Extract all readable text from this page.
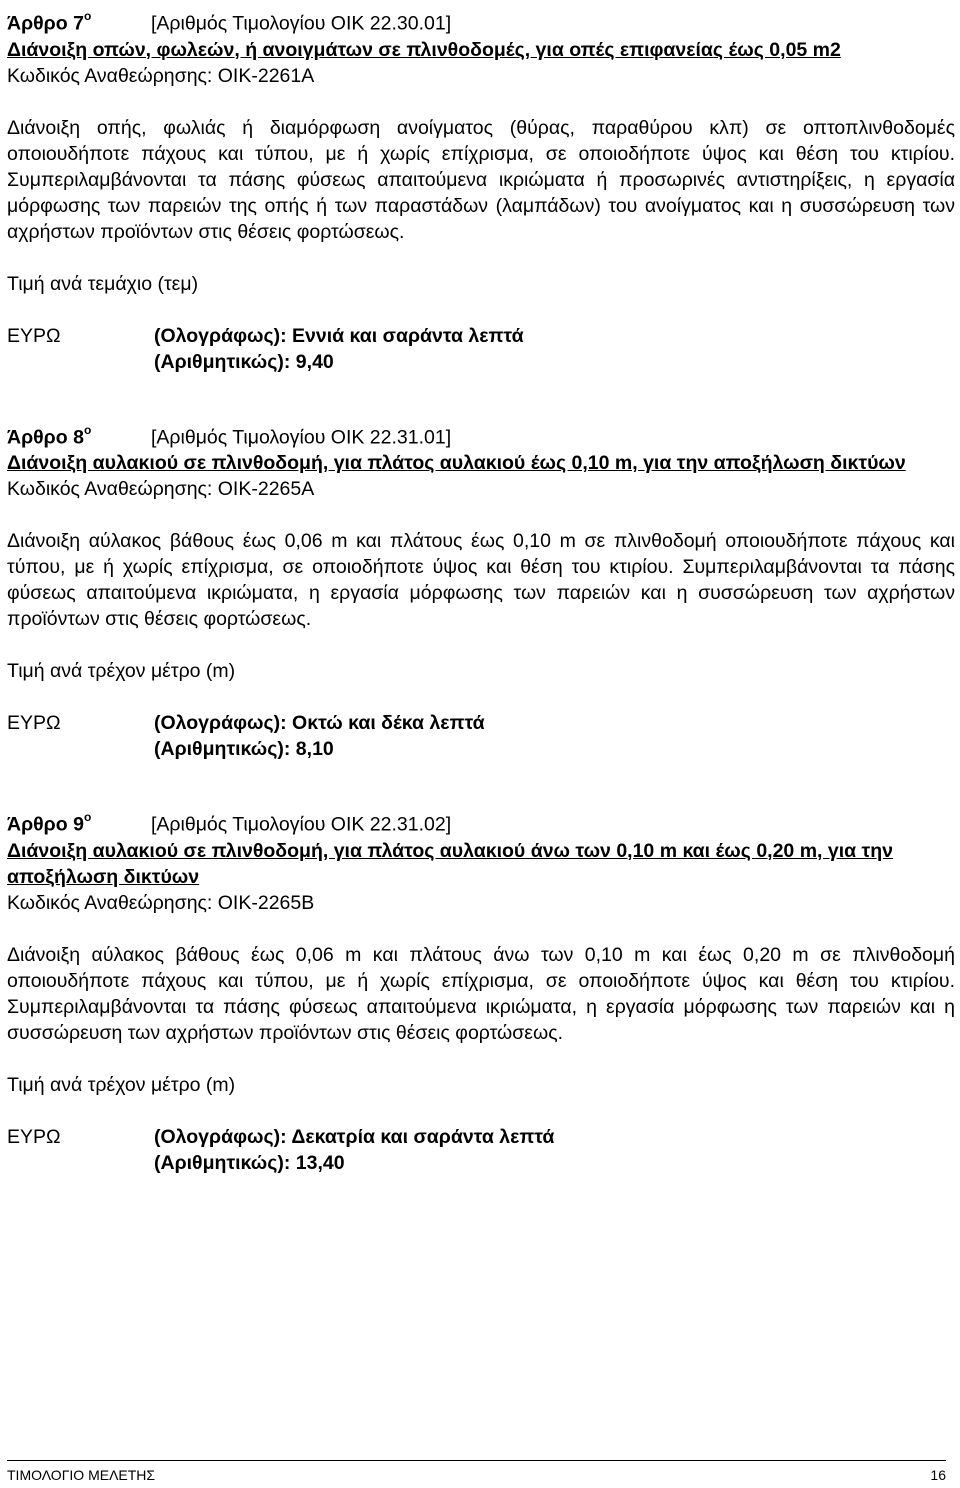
Άρθρο $7^o$	[Αριθμός Τιμολογίου ΟΙΚ 22.30.01]
Διάνοιξη οπών, φωλεών, ή ανοιγμάτων σε πλινθοδομές, για οπές επιφανείας έως 0,05 m2
Κωδικός Αναθεώρησης: ΟΙΚ-2261Α
Διάνοιξη οπής, φωλιάς ή διαμόρφωση ανοίγματος (θύρας, παραθύρου κλπ) σε οπτοπλινθοδομές οποιουδήποτε πάχους και τύπου, με ή χωρίς επίχρισμα, σε οποιοδήποτε ύψος και θέση του κτιρίου. Συμπεριλαμβάνονται τα πάσης φύσεως απαιτούμενα ικριώματα ή προσωρινές αντιστηρίξεις, η εργασία μόρφωσης των παρειών της οπής ή των παραστάδων (λαμπάδων) του ανοίγματος και η συσσώρευση των αχρήστων προϊόντων στις θέσεις φορτώσεως.
Τιμή ανά τεμάχιο (τεμ)
ΕΥΡΩ	(Ολογράφως): Εννιά και σαράντα λεπτά
(Αριθμητικώς): 9,40
Άρθρο $8^o$	[Αριθμός Τιμολογίου ΟΙΚ 22.31.01]
Διάνοιξη αυλακιού σε πλινθοδομή, για πλάτος αυλακιού έως 0,10 m, για την αποξήλωση δικτύων
Κωδικός Αναθεώρησης: ΟΙΚ-2265Α
Διάνοιξη αύλακος βάθους έως 0,06 m και πλάτους έως 0,10 m σε πλινθοδομή οποιουδήποτε πάχους και τύπου, με ή χωρίς επίχρισμα, σε οποιοδήποτε ύψος και θέση του κτιρίου. Συμπεριλαμβάνονται τα πάσης φύσεως απαιτούμενα ικριώματα, η εργασία μόρφωσης των παρειών και η συσσώρευση των αχρήστων προϊόντων στις θέσεις φορτώσεως.
Τιμή ανά τρέχον μέτρο (m)
ΕΥΡΩ	(Ολογράφως): Οκτώ και δέκα λεπτά
(Αριθμητικώς): 8,10
Άρθρο $9^o$	[Αριθμός Τιμολογίου ΟΙΚ 22.31.02]
Διάνοιξη αυλακιού σε πλινθοδομή, για πλάτος αυλακιού άνω των 0,10 m και έως 0,20 m, για την αποξήλωση δικτύων
Κωδικός Αναθεώρησης: ΟΙΚ-2265Β
Διάνοιξη αύλακος βάθους έως 0,06 m και πλάτους άνω των 0,10 m και έως 0,20 m σε πλινθοδομή οποιουδήποτε πάχους και τύπου, με ή χωρίς επίχρισμα, σε οποιοδήποτε ύψος και θέση του κτιρίου. Συμπεριλαμβάνονται τα πάσης φύσεως απαιτούμενα ικριώματα, η εργασία μόρφωσης των παρειών και η συσσώρευση των αχρήστων προϊόντων στις θέσεις φορτώσεως.
Τιμή ανά τρέχον μέτρο (m)
ΕΥΡΩ	(Ολογράφως): Δεκατρία και σαράντα λεπτά
(Αριθμητικώς): 13,40
ΤΙΜΟΛΟΓΙΟ ΜΕΛΕΤΗΣ	16
